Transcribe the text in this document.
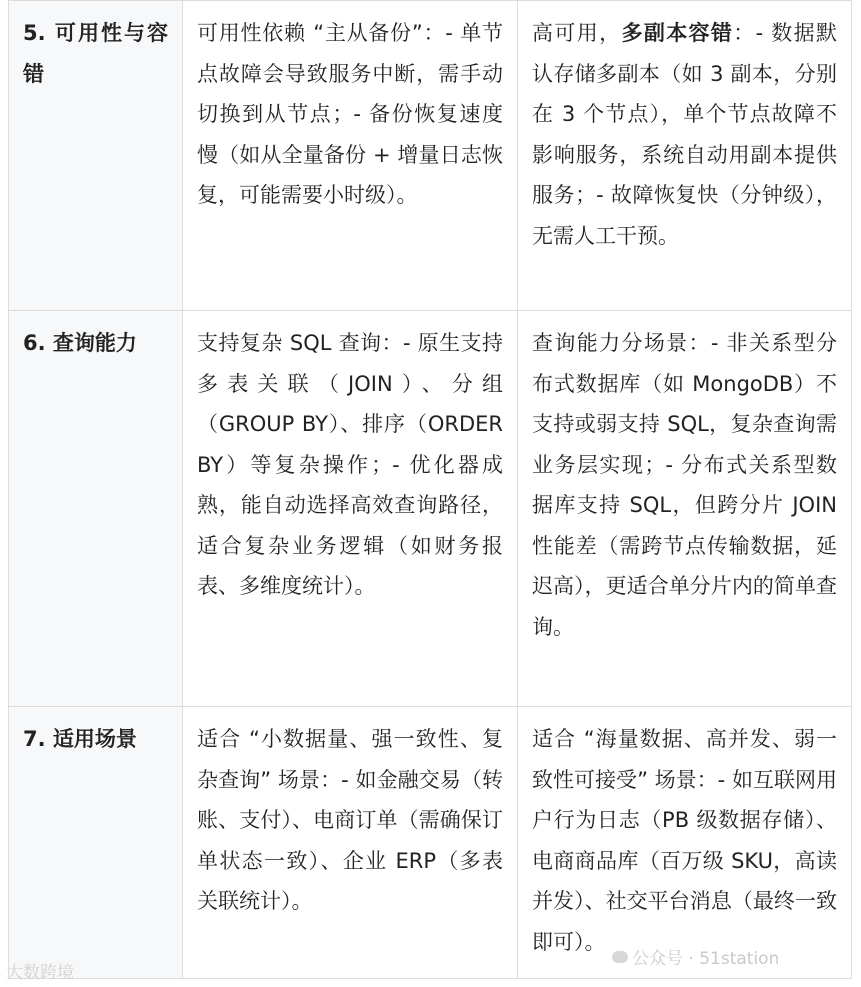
5. 可用性与容错	可用性依赖 “主从备份”：- 单节点故障会导致服务中断，需手动切换到从节点；- 备份恢复速度慢（如从全量备份 + 增量日志恢复，可能需要小时级）。	高可用，多副本容错：- 数据默认存储多副本（如 3 副本，分别在 3 个节点），单个节点故障不影响服务，系统自动用副本提供服务；- 故障恢复快（分钟级），无需人工干预。
6. 查询能力	支持复杂 SQL 查询：- 原生支持多表关联（JOIN）、分组（GROUP BY）、排序（ORDER BY）等复杂操作；- 优化器成熟，能自动选择高效查询路径，适合复杂业务逻辑（如财务报表、多维度统计）。	查询能力分场景：- 非关系型分布式数据库（如 MongoDB）不支持或弱支持 SQL，复杂查询需业务层实现；- 分布式关系型数据库支持 SQL，但跨分片 JOIN 性能差（需跨节点传输数据，延迟高），更适合单分片内的简单查询。
7. 适用场景	适合 “小数据量、强一致性、复杂查询” 场景：- 如金融交易（转账、支付）、电商订单（需确保订单状态一致）、企业 ERP（多表关联统计）。	适合 “海量数据、高并发、弱一致性可接受” 场景：- 如互联网用户行为日志（PB 级数据存储）、电商商品库（百万级 SKU，高读并发）、社交平台消息（最终一致即可）。
大数跨境
公众号 · 51station
